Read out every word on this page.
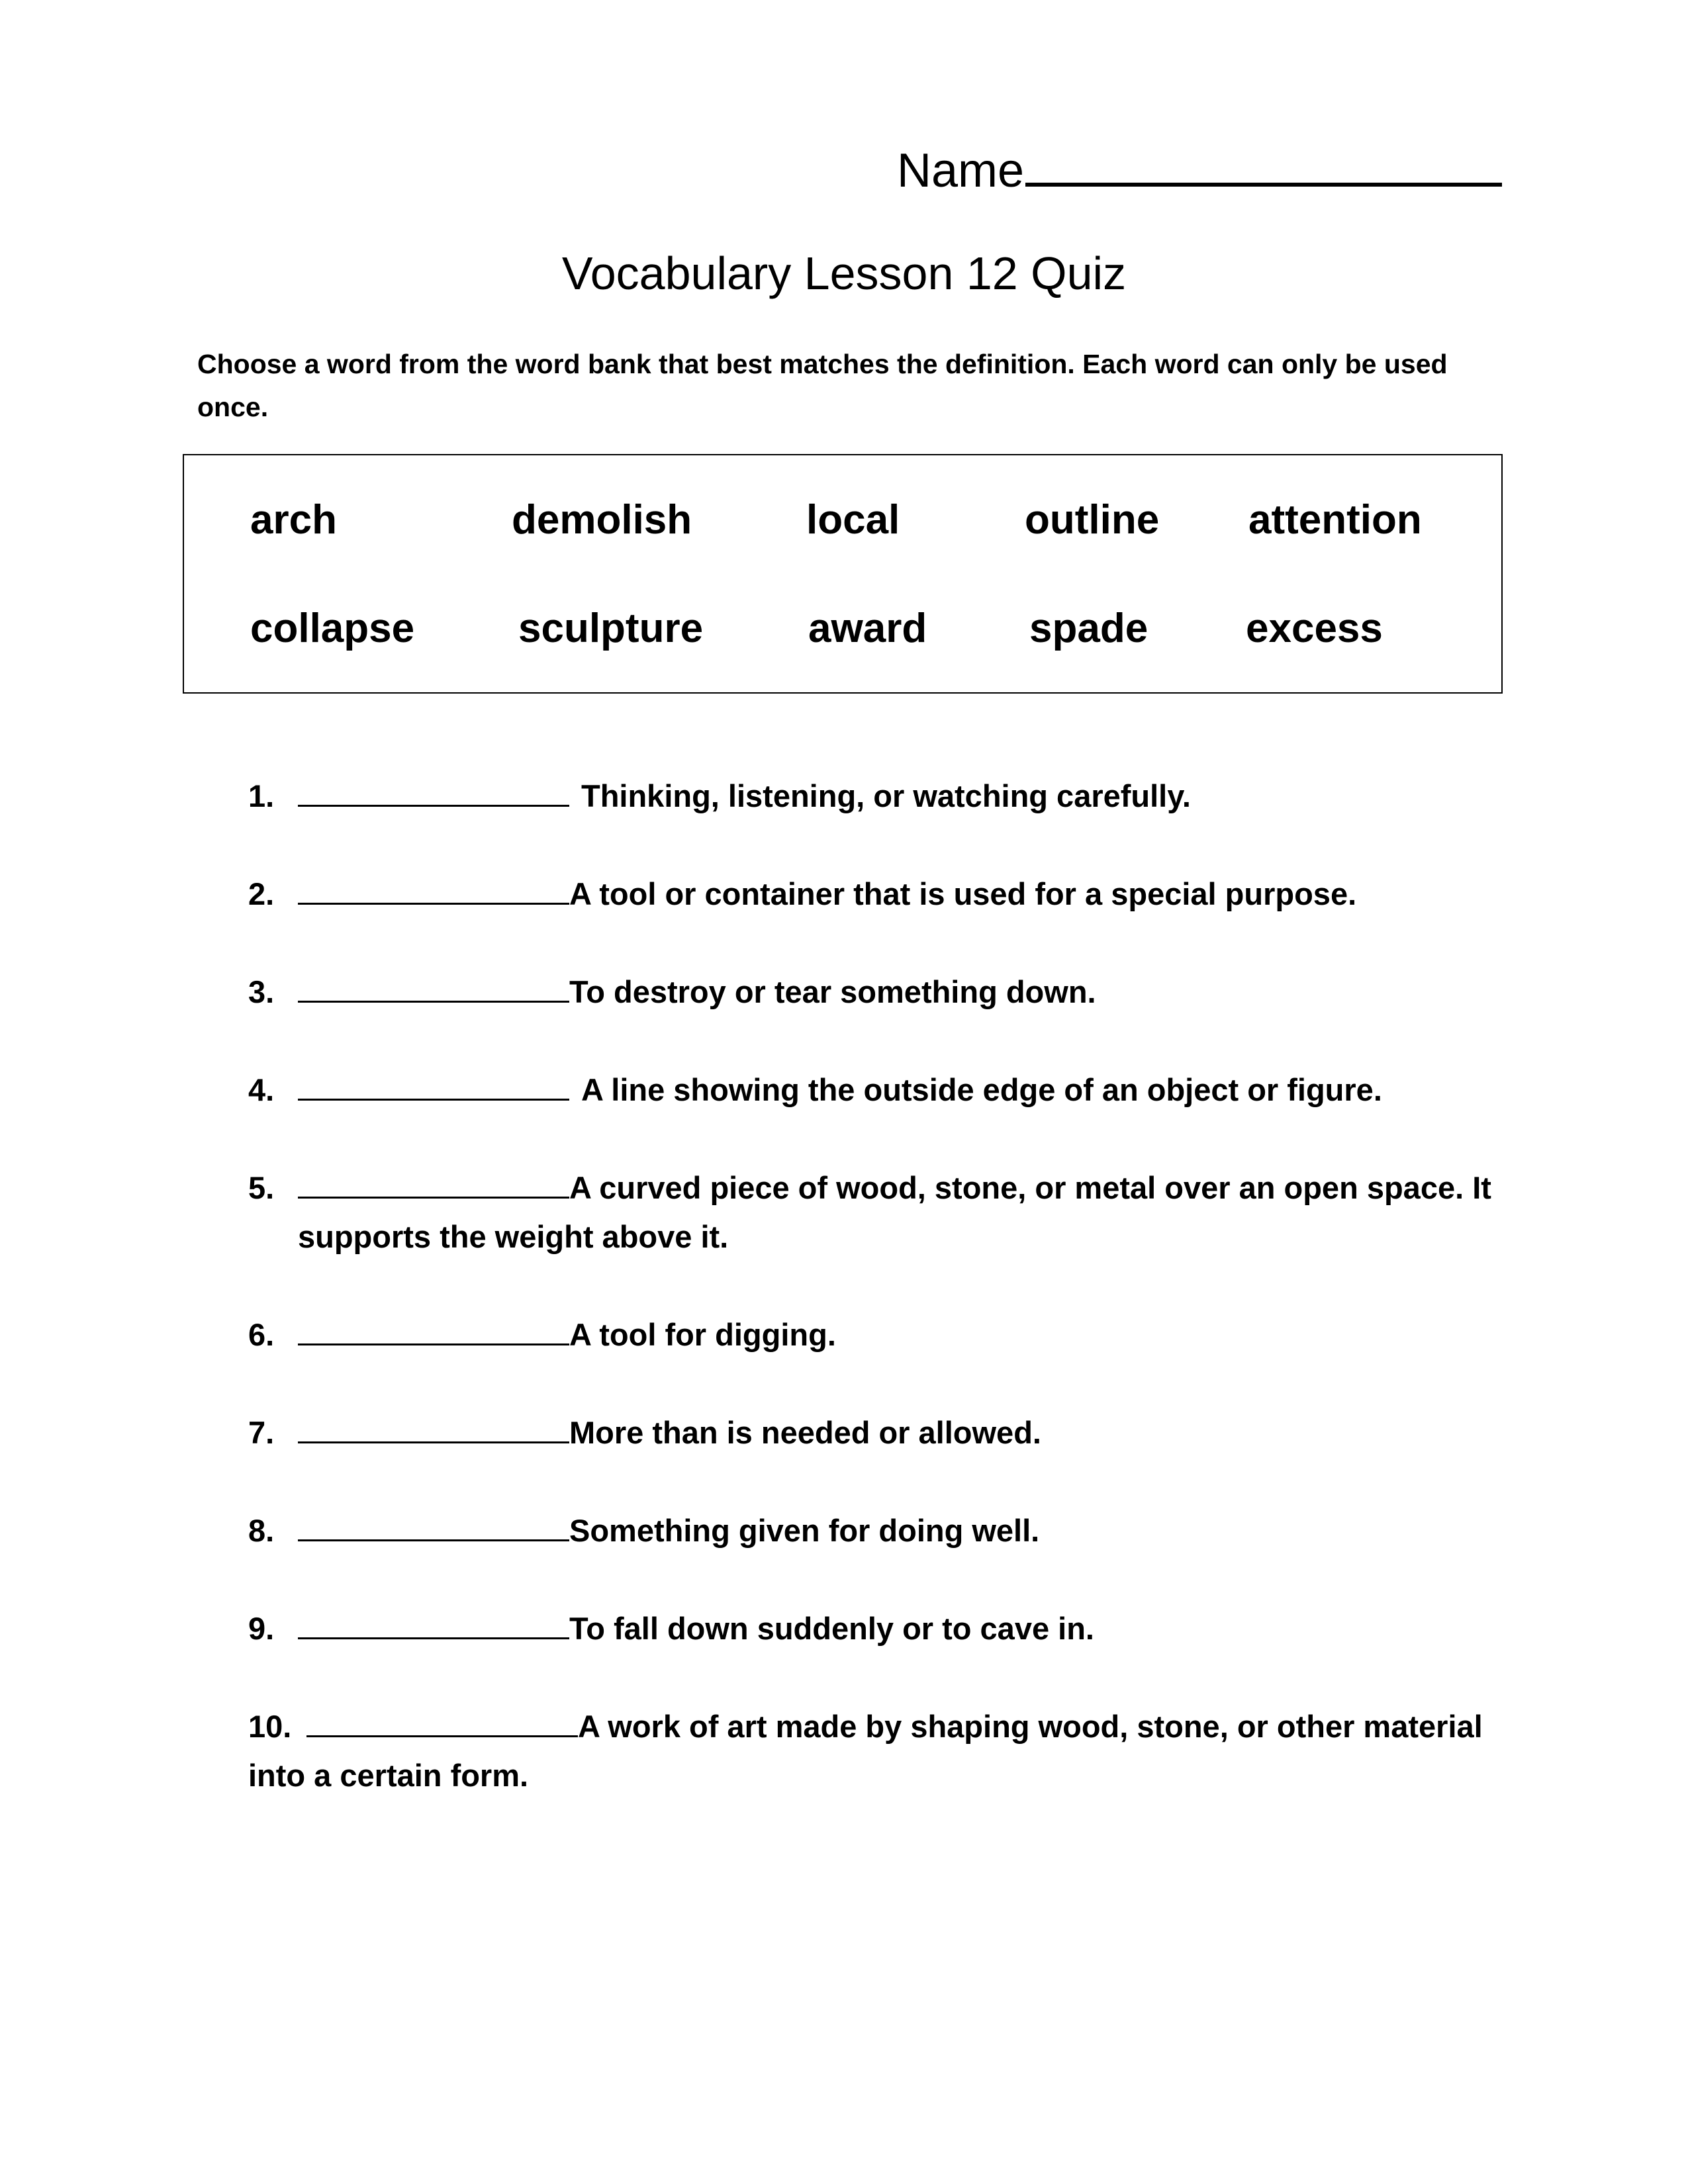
Name
Vocabulary Lesson 12 Quiz
Choose a word from the word bank that best matches the definition. Each word can only be used once.
arch	demolish	local	outline attention
collapse	sculpture	award spade excess
1.	Thinking, listening, or watching carefully.
2.	A tool or container that is used for a special purpose.
3.	To destroy or tear something down.
4.	A line showing the outside edge of an object or figure.
5.	A curved piece of wood, stone, or metal over an open space. It supports the weight above it.
6.	A tool for digging.
7.	More than is needed or allowed.
8.	Something given for doing well.
9.	To fall down suddenly or to cave in.
10.	A work of art made by shaping wood, stone, or other material into a certain form.
